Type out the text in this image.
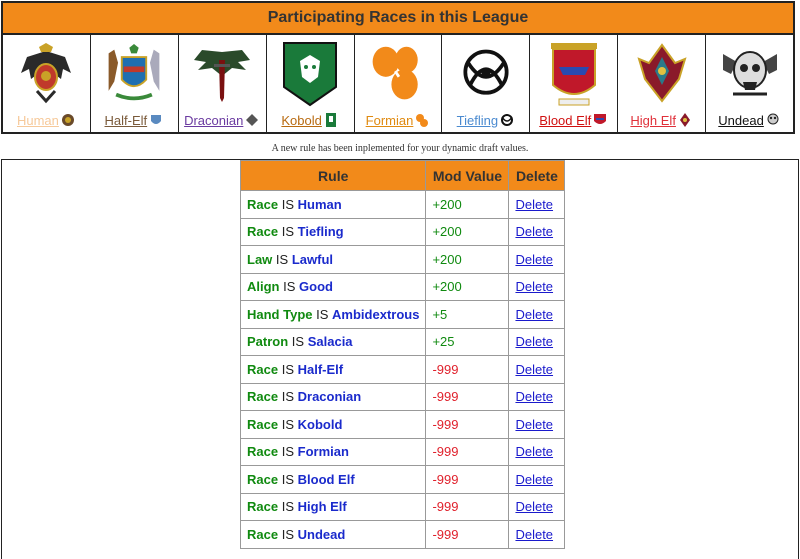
Participating Races in this League
Human	Half-Elf	Draconian	Kobold	Formian	Tiefling	Blood Elf	High Elf	Undead
A new rule has been inplemented for your dynamic draft values.
Rule	Mod Value	Delete
Race IS Human	+200	Delete
Race IS Tiefling	+200	Delete
Law IS Lawful	+200	Delete
Align IS Good	+200	Delete
Hand Type IS Ambidextrous	+5	Delete
Patron IS Salacia	+25	Delete
Race IS Half-Elf	-999	Delete
Race IS Draconian	-999	Delete
Race IS Kobold	-999	Delete
Race IS Formian	-999	Delete
Race IS Blood Elf	-999	Delete
Race IS High Elf	-999	Delete
Race IS Undead	-999	Delete
